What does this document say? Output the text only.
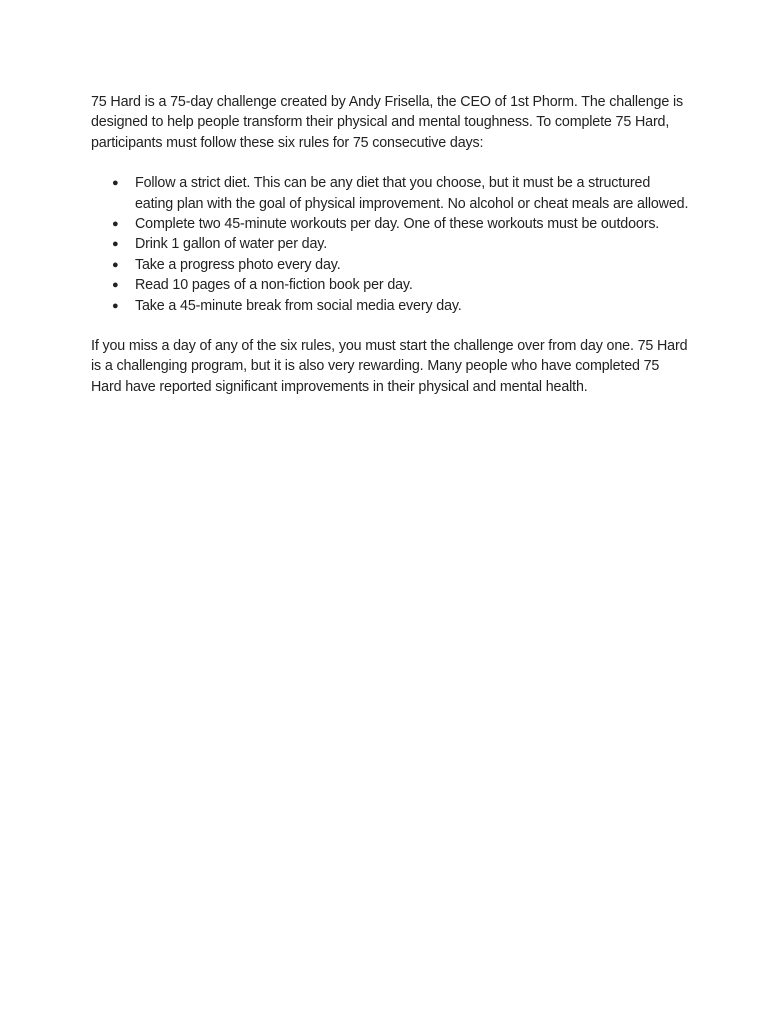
75 Hard is a 75-day challenge created by Andy Frisella, the CEO of 1st Phorm. The challenge is designed to help people transform their physical and mental toughness. To complete 75 Hard, participants must follow these six rules for 75 consecutive days:

● Follow a strict diet. This can be any diet that you choose, but it must be a structured eating plan with the goal of physical improvement. No alcohol or cheat meals are allowed.
● Complete two 45-minute workouts per day. One of these workouts must be outdoors.
● Drink 1 gallon of water per day.
● Take a progress photo every day.
● Read 10 pages of a non-fiction book per day.
● Take a 45-minute break from social media every day.

If you miss a day of any of the six rules, you must start the challenge over from day one. 75 Hard is a challenging program, but it is also very rewarding. Many people who have completed 75 Hard have reported significant improvements in their physical and mental health.
